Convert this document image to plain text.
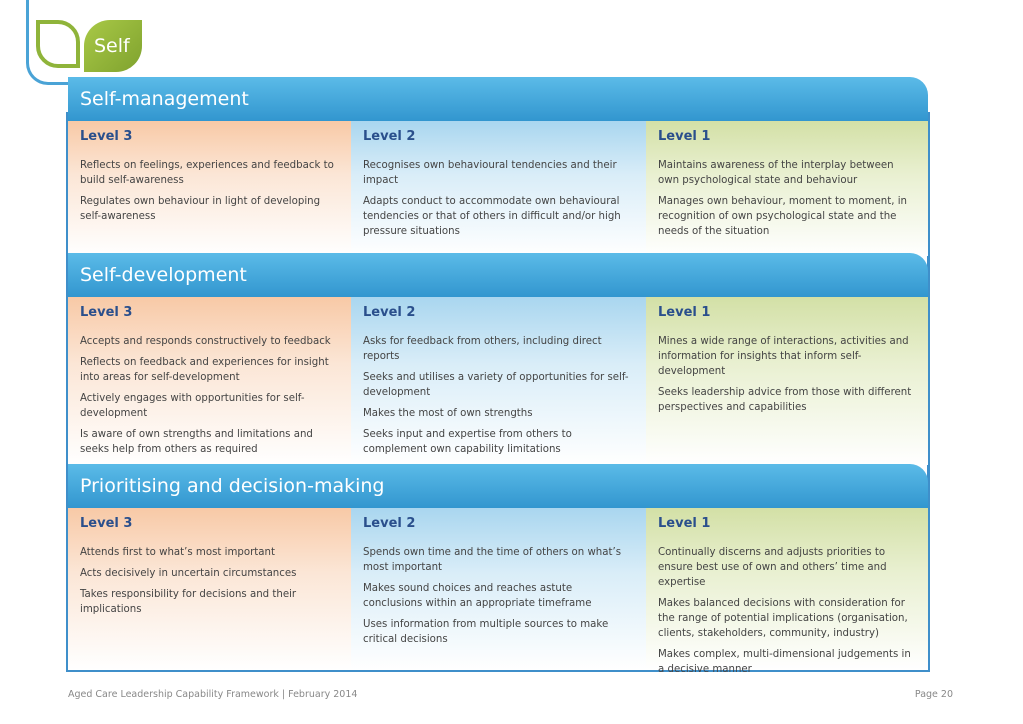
Self
Self-management
Level 3

Reflects on feelings, experiences and feedback to build self-awareness

Regulates own behaviour in light of developing self-awareness

Level 2

Recognises own behavioural tendencies and their impact

Adapts conduct to accommodate own behavioural tendencies or that of others in difficult and/or high pressure situations

Level 1

Maintains awareness of the interplay between own psychological state and behaviour

Manages own behaviour, moment to moment, in recognition of own psychological state and the needs of the situation

Self-development
Level 3

Accepts and responds constructively to feedback

Reflects on feedback and experiences for insight into areas for self-development

Actively engages with opportunities for self-development

Is aware of own strengths and limitations and seeks help from others as required

Level 2

Asks for feedback from others, including direct reports

Seeks and utilises a variety of opportunities for self-development

Makes the most of own strengths

Seeks input and expertise from others to complement own capability limitations

Level 1

Mines a wide range of interactions, activities and information for insights that inform self-development

Seeks leadership advice from those with different perspectives and capabilities

Prioritising and decision-making
Level 3

Attends first to what’s most important

Acts decisively in uncertain circumstances

Takes responsibility for decisions and their implications

Level 2

Spends own time and the time of others on what’s most important

Makes sound choices and reaches astute conclusions within an appropriate timeframe

Uses information from multiple sources to make critical decisions

Level 1

Continually discerns and adjusts priorities to ensure best use of own and others’ time and expertise

Makes balanced decisions with consideration for the range of potential implications (organisation, clients, stakeholders, community, industry)

Makes complex, multi-dimensional judgements in a decisive manner

Aged Care Leadership Capability Framework | February 2014	Page 20
